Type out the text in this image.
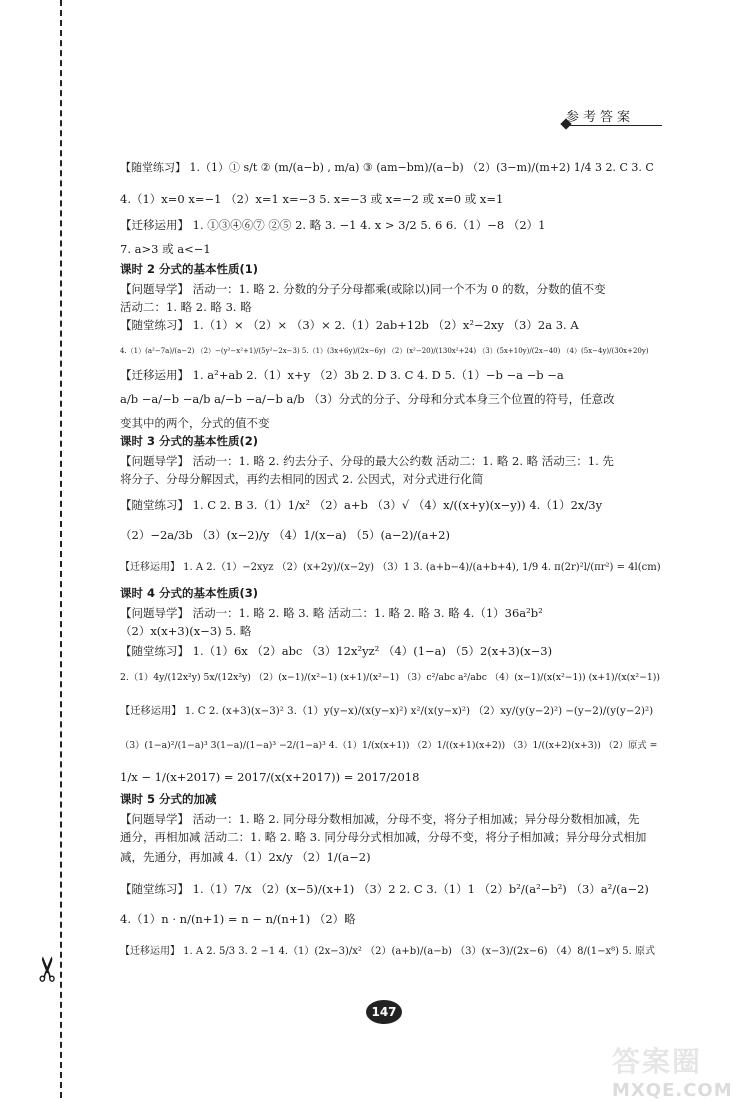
✂
参考答案
【随堂练习】 1.（1）① s/t ② (m/(a−b) , m/a) ③ (am−bm)/(a−b) （2）(3−m)/(m+2) 1/4 3 2. C 3. C
4.（1）x=0 x=−1 （2）x=1 x=−3 5. x=−3 或 x=−2 或 x=0 或 x=1
【迁移运用】 1. ①③④⑥⑦ ②⑤ 2. 略 3. −1 4. x > 3/2 5. 6 6.（1）−8 （2）1
7. a>3 或 a<−1
课时 2 分式的基本性质(1)
【问题导学】 活动一：1. 略 2. 分数的分子分母都乘(或除以)同一个不为 0 的数，分数的值不变
活动二：1. 略 2. 略 3. 略
【随堂练习】 1.（1）× （2）× （3）× 2.（1）2ab+12b （2）x²−2xy （3）2a 3. A
4.（1）(a²−7a)/(a−2) （2）−(y²−x²+1)/(5y²−2x−3) 5.（1）(3x+6y)/(2x−6y) （2）(x²−20)/(130x²+24) （3）(5x+10y)/(2x−40) （4）(5x−4y)/(30x+20y)
【迁移运用】 1. a²+ab 2.（1）x+y （2）3b 2. D 3. C 4. D 5.（1）−b −a −b −a
a/b −a/−b −a/b a/−b −a/−b a/b （3）分式的分子、分母和分式本身三个位置的符号，任意改
变其中的两个，分式的值不变
课时 3 分式的基本性质(2)
【问题导学】 活动一：1. 略 2. 约去分子、分母的最大公约数 活动二：1. 略 2. 略 活动三：1. 先
将分子、分母分解因式，再约去相同的因式 2. 公因式，对分式进行化简
【随堂练习】 1. C 2. B 3.（1）1/x² （2）a+b （3）√ （4）x/((x+y)(x−y)) 4.（1）2x/3y
（2）−2a/3b （3）(x−2)/y （4）1/(x−a) （5）(a−2)/(a+2)
【迁移运用】 1. A 2.（1）−2xyz （2）(x+2y)/(x−2y) （3）1 3. (a+b−4)/(a+b+4), 1/9 4. π(2r)²l/(πr²) = 4l(cm)
课时 4 分式的基本性质(3)
【问题导学】 活动一：1. 略 2. 略 3. 略 活动二：1. 略 2. 略 3. 略 4.（1）36a²b²
（2）x(x+3)(x−3) 5. 略
【随堂练习】 1.（1）6x （2）abc （3）12x²yz² （4）(1−a) （5）2(x+3)(x−3)
2.（1）4y/(12x²y) 5x/(12x²y) （2）(x−1)/(x²−1) (x+1)/(x²−1) （3）c²/abc a²/abc （4）(x−1)/(x(x²−1)) (x+1)/(x(x²−1))
【迁移运用】 1. C 2. (x+3)(x−3)² 3.（1）y(y−x)/(x(y−x)²) x²/(x(y−x)²) （2）xy/(y(y−2)²) −(y−2)/(y(y−2)²)
（3）(1−a)²/(1−a)³ 3(1−a)/(1−a)³ −2/(1−a)³ 4.（1）1/(x(x+1)) （2）1/((x+1)(x+2)) （3）1/((x+2)(x+3)) （2）原式 =
1/x − 1/(x+2017) = 2017/(x(x+2017)) = 2017/2018
课时 5 分式的加减
【问题导学】 活动一：1. 略 2. 同分母分数相加减，分母不变，将分子相加减；异分母分数相加减，先
通分，再相加减 活动二：1. 略 2. 略 3. 同分母分式相加减，分母不变，将分子相加减；异分母分式相加
减，先通分，再加减 4.（1）2x/y （2）1/(a−2)
【随堂练习】 1.（1）7/x （2）(x−5)/(x+1) （3）2 2. C 3.（1）1 （2）b²/(a²−b²) （3）a²/(a−2)
4.（1）n · n/(n+1) = n − n/(n+1) （2）略
【迁移运用】 1. A 2. 5/3 3. 2 −1 4.（1）(2x−3)/x² （2）(a+b)/(a−b) （3）(x−3)/(2x−6) （4）8/(1−x⁸) 5. 原式
147
答案圈
MXQE.COM
